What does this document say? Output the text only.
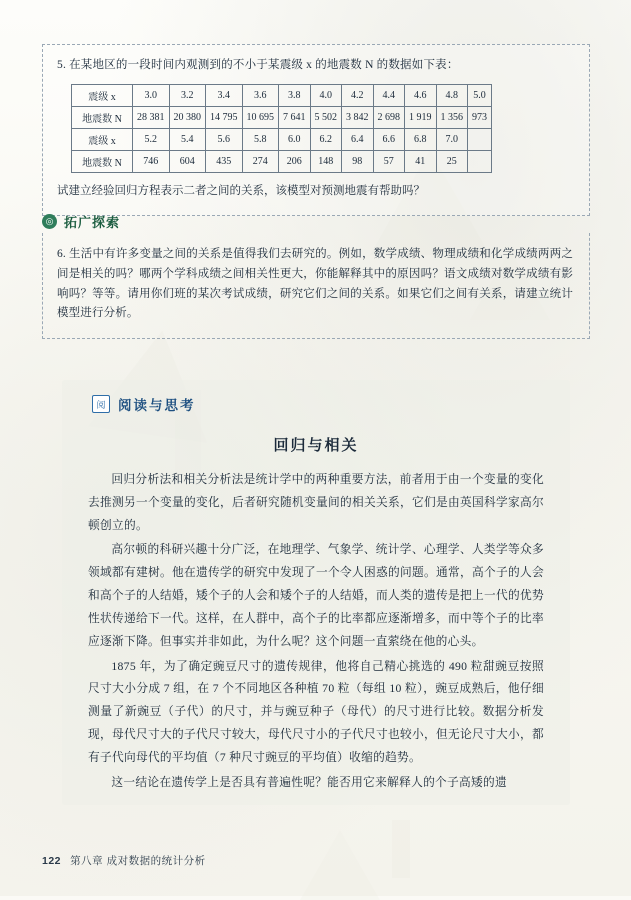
5. 在某地区的一段时间内观测到的不小于某震级 x 的地震数 N 的数据如下表：
震级 x	3.0	3.2	3.4	3.6	3.8	4.0	4.2	4.4	4.6	4.8	5.0
地震数 N	28 381	20 380	14 795	10 695	7 641	5 502	3 842	2 698	1 919	1 356	973
震级 x	5.2	5.4	5.6	5.8	6.0	6.2	6.4	6.6	6.8	7.0	
地震数 N	746	604	435	274	206	148	98	57	41	25	
试建立经验回归方程表示二者之间的关系，该模型对预测地震有帮助吗？
◎ 拓广探索
6. 生活中有许多变量之间的关系是值得我们去研究的。例如，数学成绩、物理成绩和化学成绩两两之间是相关的吗？哪两个学科成绩之间相关性更大，你能解释其中的原因吗？语文成绩对数学成绩有影响吗？等等。请用你们班的某次考试成绩，研究它们之间的关系。如果它们之间有关系，请建立统计模型进行分析。
阅 阅读与思考
回归与相关

回归分析法和相关分析法是统计学中的两种重要方法，前者用于由一个变量的变化去推测另一个变量的变化，后者研究随机变量间的相关关系，它们是由英国科学家高尔顿创立的。

高尔顿的科研兴趣十分广泛，在地理学、气象学、统计学、心理学、人类学等众多领域都有建树。他在遗传学的研究中发现了一个令人困惑的问题。通常，高个子的人会和高个子的人结婚，矮个子的人会和矮个子的人结婚，而人类的遗传是把上一代的优势性状传递给下一代。这样，在人群中，高个子的比率都应逐渐增多，而中等个子的比率应逐渐下降。但事实并非如此，为什么呢？这个问题一直萦绕在他的心头。

1875 年，为了确定豌豆尺寸的遗传规律，他将自己精心挑选的 490 粒甜豌豆按照尺寸大小分成 7 组，在 7 个不同地区各种植 70 粒（每组 10 粒），豌豆成熟后，他仔细测量了新豌豆（子代）的尺寸，并与豌豆种子（母代）的尺寸进行比较。数据分析发现，母代尺寸大的子代尺寸较大，母代尺寸小的子代尺寸也较小，但无论尺寸大小，都有子代向母代的平均值（7 种尺寸豌豆的平均值）收缩的趋势。

这一结论在遗传学上是否具有普遍性呢？能否用它来解释人的个子高矮的遗

122 第八章 成对数据的统计分析
